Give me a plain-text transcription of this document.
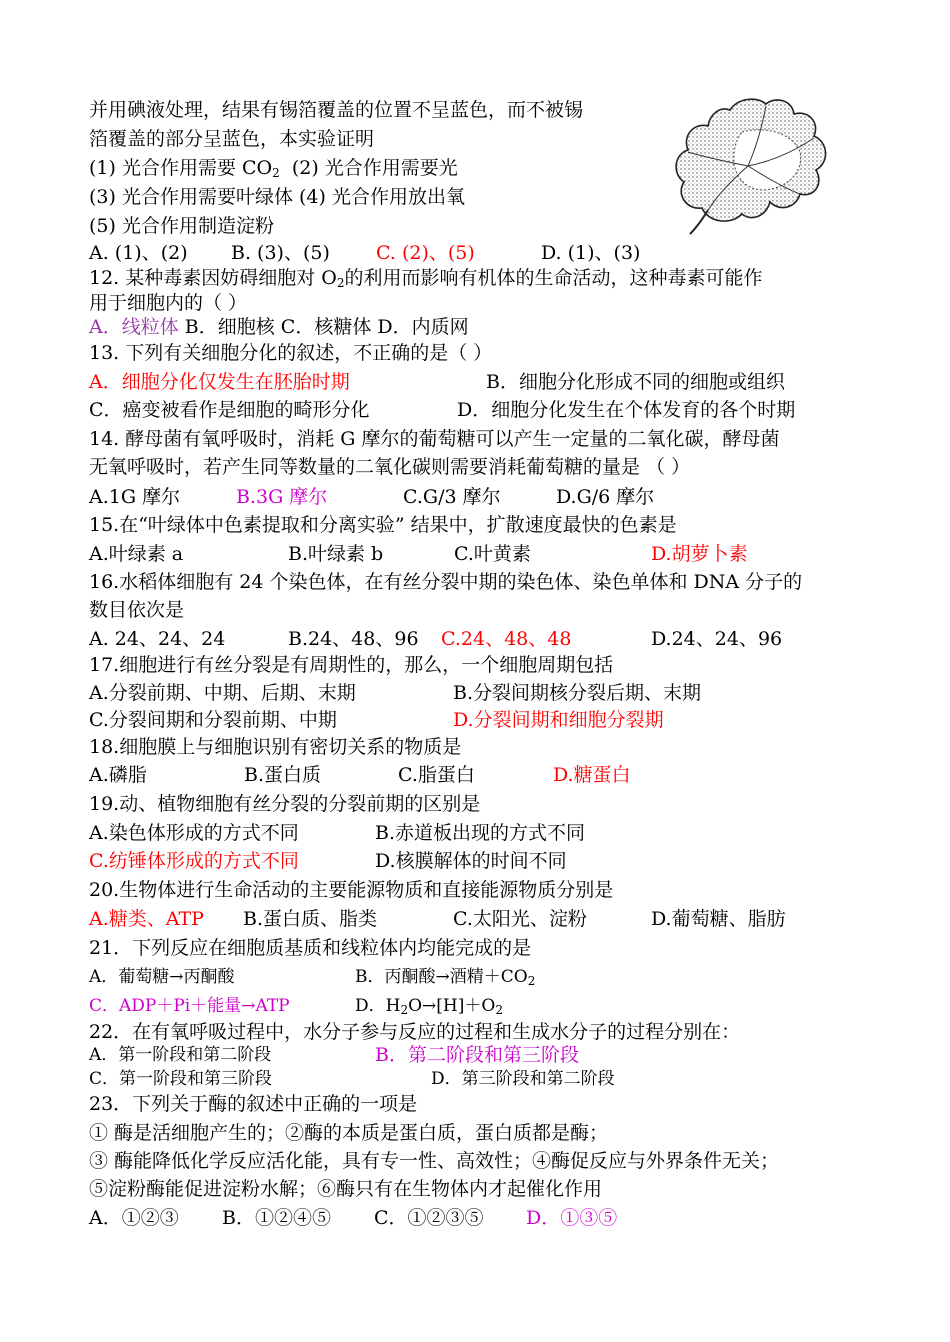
并用碘液处理，结果有锡箔覆盖的位置不呈蓝色，而不被锡
箔覆盖的部分呈蓝色，本实验证明
(1) 光合作用需要 $CO_2$  (2) 光合作用需要光
(3) 光合作用需要叶绿体 (4) 光合作用放出氧
(5) 光合作用制造淀粉
A. (1)、(2) B. (3)、(5) C. (2)、(5)	D. (1)、(3)
12. 某种毒素因妨碍细胞对 $O_2$的利用而影响有机体的生命活动，这种毒素可能作
用于细胞内的（ ）
A．线粒体 B．细胞核 C．核糖体 D．内质网
13. 下列有关细胞分化的叙述，不正确的是（ ）
A．细胞分化仅发生在胚胎时期	B．细胞分化形成不同的细胞或组织
C．癌变被看作是细胞的畸形分化	D．细胞分化发生在个体发育的各个时期
14. 酵母菌有氧呼吸时，消耗 G 摩尔的葡萄糖可以产生一定量的二氧化碳，酵母菌
无氧呼吸时，若产生同等数量的二氧化碳则需要消耗葡萄糖的量是 （ ）
A.1G 摩尔	B.3G 摩尔	C.G/3 摩尔	D.G/6 摩尔
15.在“叶绿体中色素提取和分离实验” 结果中，扩散速度最快的色素是
A.叶绿素 a	B.叶绿素 b	C.叶黄素	D.胡萝卜素
16.水稻体细胞有 24 个染色体，在有丝分裂中期的染色体、染色单体和 DNA 分子的
数目依次是
A. 24、24、24	B.24、48、96 C.24、48、48	D.24、24、96
17.细胞进行有丝分裂是有周期性的，那么，一个细胞周期包括
A.分裂前期、中期、后期、末期	B.分裂间期核分裂后期、末期
C.分裂间期和分裂前期、中期	D.分裂间期和细胞分裂期
18.细胞膜上与细胞识别有密切关系的物质是
A.磷脂	B.蛋白质	C.脂蛋白	D.糖蛋白
19.动、植物细胞有丝分裂的分裂前期的区别是
A.染色体形成的方式不同	B.赤道板出现的方式不同
C.纺锤体形成的方式不同	D.核膜解体的时间不同
20.生物体进行生命活动的主要能源物质和直接能源物质分别是
A.糖类、ATP B.蛋白质、脂类	C.太阳光、淀粉	D.葡萄糖、脂肪
21．下列反应在细胞质基质和线粒体内均能完成的是
A．葡萄糖→丙酮酸	B．丙酮酸→酒精$+CO_2$
C．ADP＋Pi＋能量→ATP	D．$H_2O\to[H]+O_2$
22．在有氧呼吸过程中，水分子参与反应的过程和生成水分子的过程分别在：
A．第一阶段和第二阶段	B．第二阶段和第三阶段
C．第一阶段和第三阶段	D．第三阶段和第二阶段
23．下列关于酶的叙述中正确的一项是
① 酶是活细胞产生的；②酶的本质是蛋白质，蛋白质都是酶；
③ 酶能降低化学反应活化能，具有专一性、高效性；④酶促反应与外界条件无关；
⑤淀粉酶能促进淀粉水解；⑥酶只有在生物体内才起催化作用
A．①②③ B．①②④⑤ C．①②③⑤ D．①③⑤
